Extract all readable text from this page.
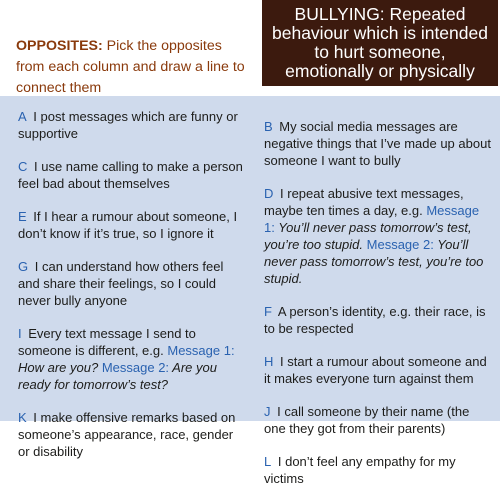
OPPOSITES: Pick the opposites from each column and draw a line to connect them
BULLYING: Repeated behaviour which is intended to hurt someone, emotionally or physically
A I post messages which are funny or supportive
C I use name calling to make a person feel bad about themselves
E If I hear a rumour about someone, I don’t know if it’s true, so I ignore it
G I can understand how others feel and share their feelings, so I could never bully anyone
I Every text message I send to someone is different, e.g. Message 1: How are you? Message 2: Are you ready for tomorrow’s test?
K I make offensive remarks based on someone’s appearance, race, gender or disability
B My social media messages are negative things that I’ve made up about someone I want to bully
D I repeat abusive text messages, maybe ten times a day, e.g. Message 1: You’ll never pass tomorrow’s test, you’re too stupid. Message 2: You’ll never pass tomorrow’s test, you’re too stupid.
F A person’s identity, e.g. their race, is to be respected
H I start a rumour about someone and it makes everyone turn against them
J I call someone by their name (the one they got from their parents)
L I don’t feel any empathy for my victims
